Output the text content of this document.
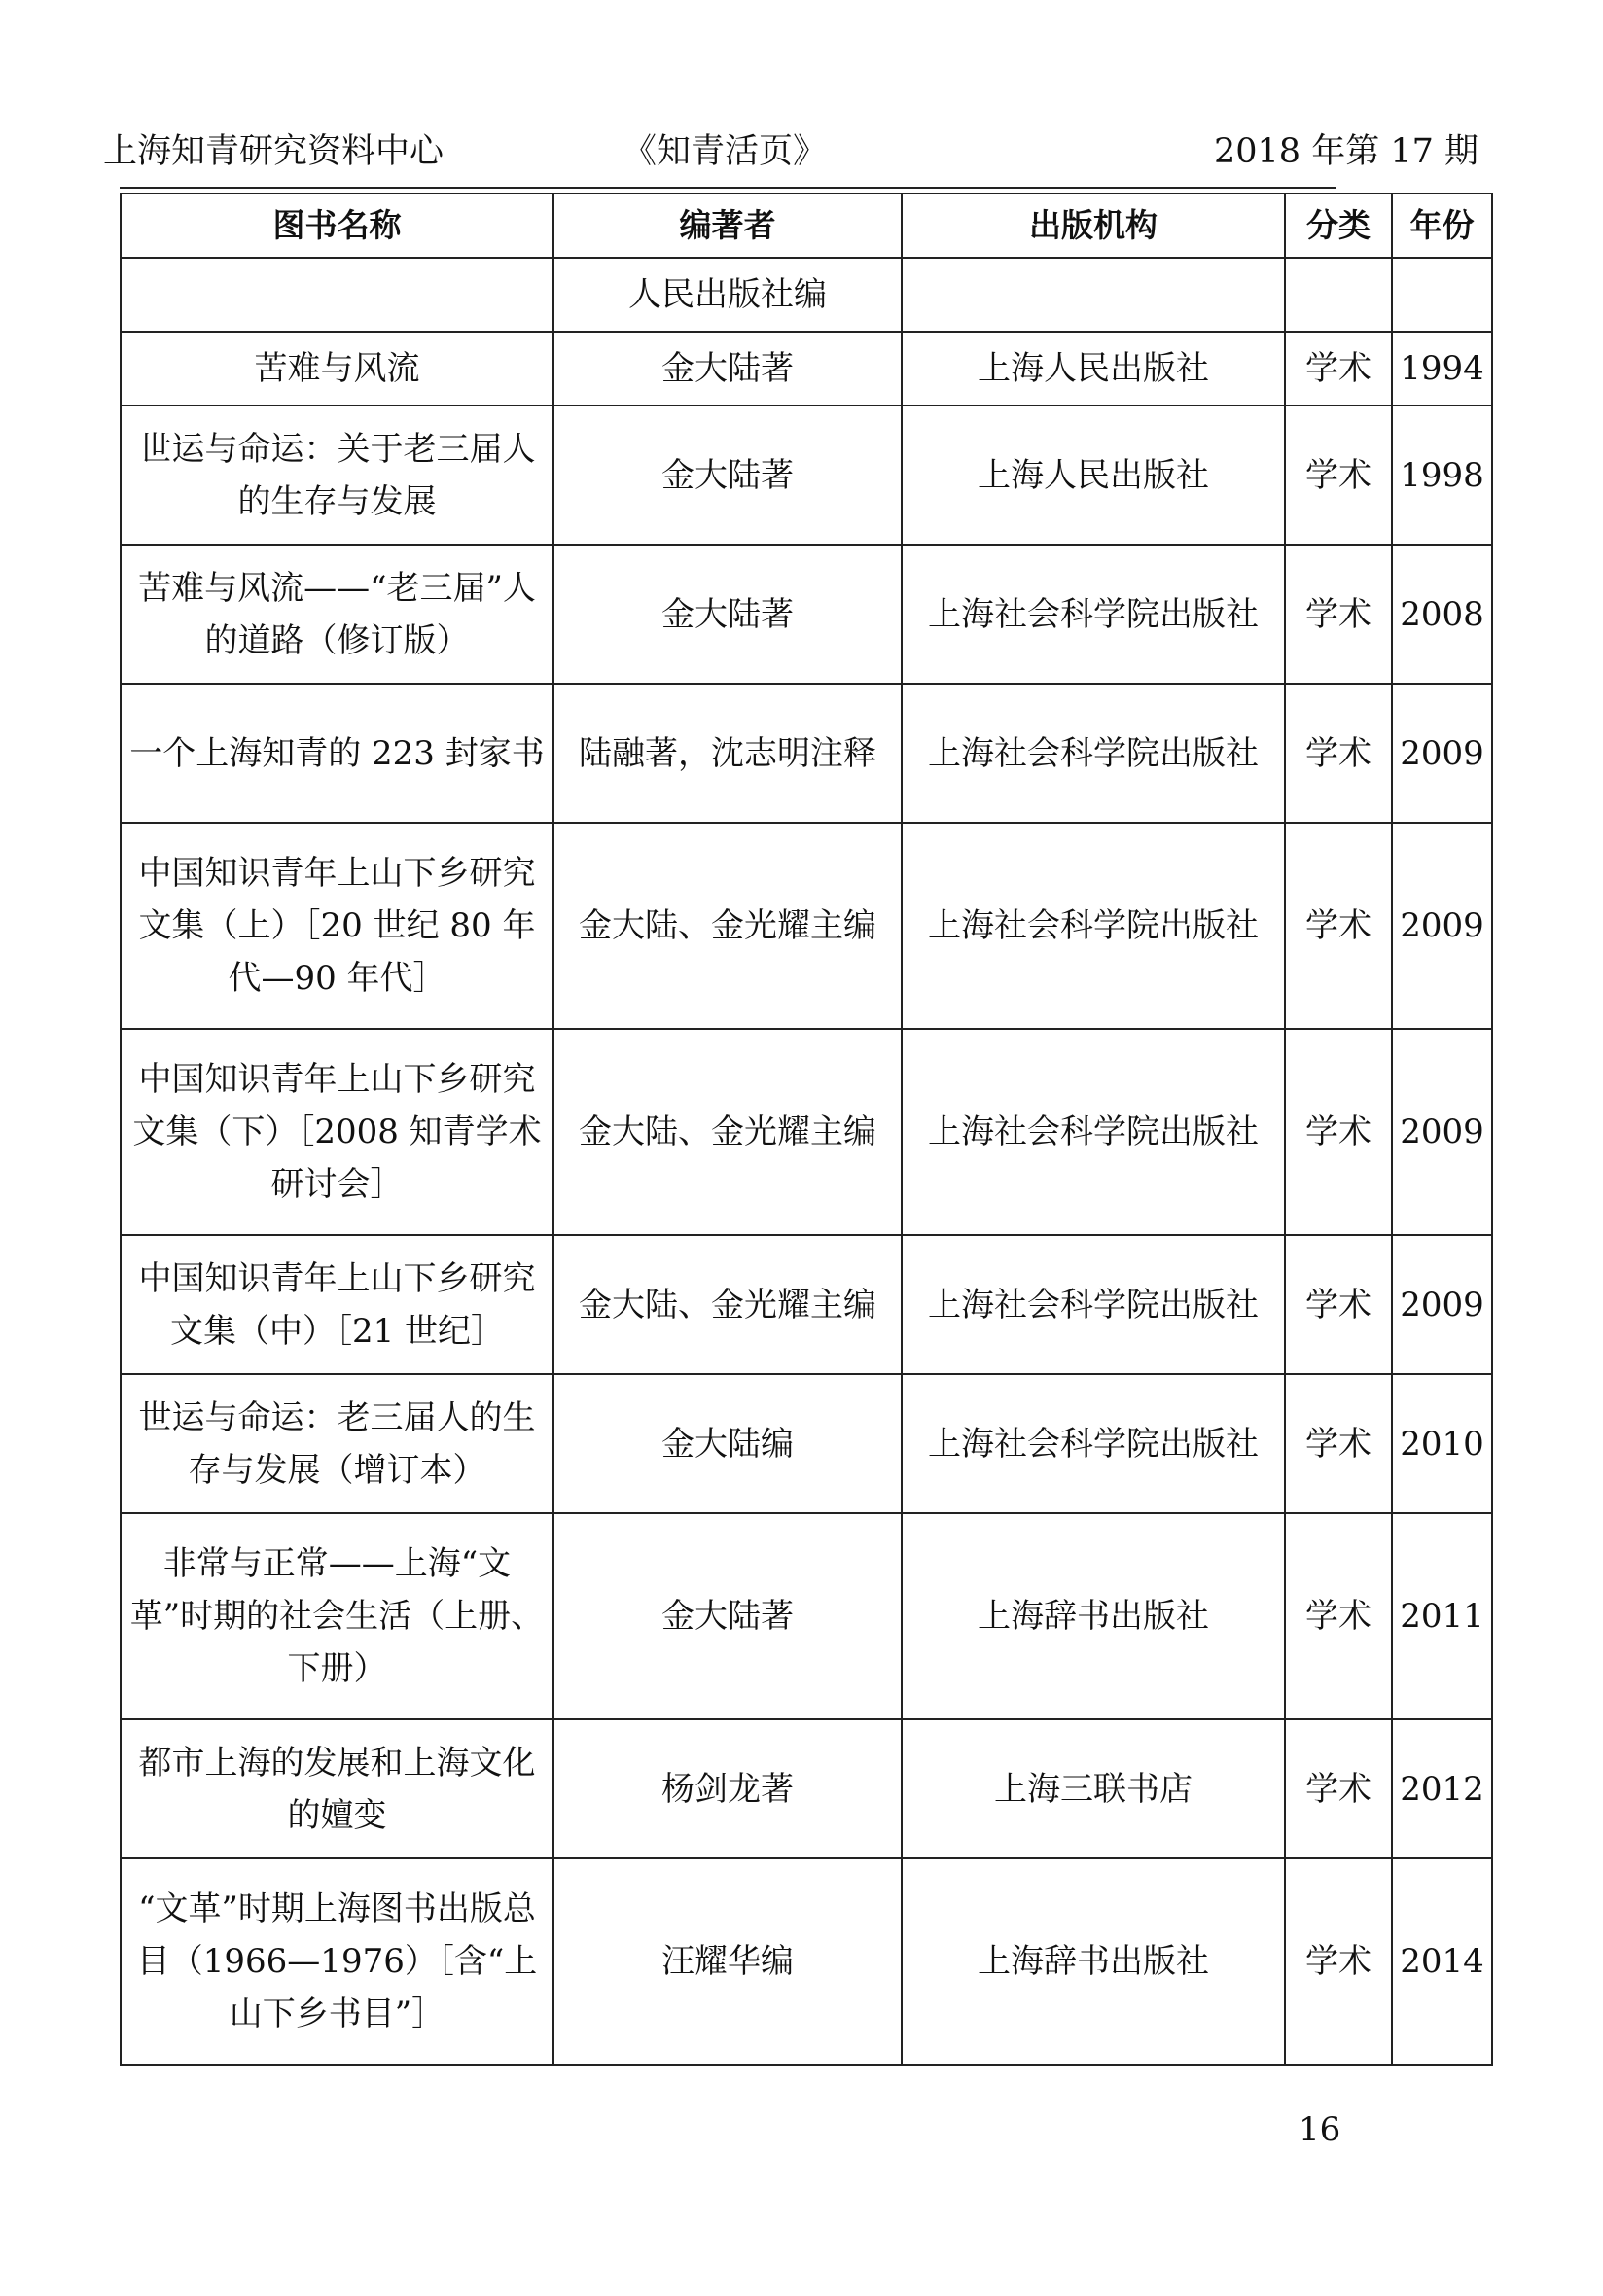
上海知青研究资料中心	《知青活页》	2018 年第 17 期
图书名称	编著者	出版机构	分类	年份
	人民出版社编			
苦难与风流	金大陆著	上海人民出版社	学术	1994
世运与命运：关于老三届人的生存与发展	金大陆著	上海人民出版社	学术	1998
苦难与风流——“老三届”人的道路（修订版）	金大陆著	上海社会科学院出版社	学术	2008
一个上海知青的 223 封家书	陆融著，沈志明注释	上海社会科学院出版社	学术	2009
中国知识青年上山下乡研究文集（上）［20 世纪 80 年代—90 年代］	金大陆、金光耀主编	上海社会科学院出版社	学术	2009
中国知识青年上山下乡研究文集（下）［2008 知青学术研讨会］	金大陆、金光耀主编	上海社会科学院出版社	学术	2009
中国知识青年上山下乡研究文集（中）［21 世纪］	金大陆、金光耀主编	上海社会科学院出版社	学术	2009
世运与命运：老三届人的生存与发展（增订本）	金大陆编	上海社会科学院出版社	学术	2010
非常与正常——上海“文革”时期的社会生活（上册、下册）	金大陆著	上海辞书出版社	学术	2011
都市上海的发展和上海文化的嬗变	杨剑龙著	上海三联书店	学术	2012
“文革”时期上海图书出版总目（1966—1976）［含“上山下乡书目”］	汪耀华编	上海辞书出版社	学术	2014
16
